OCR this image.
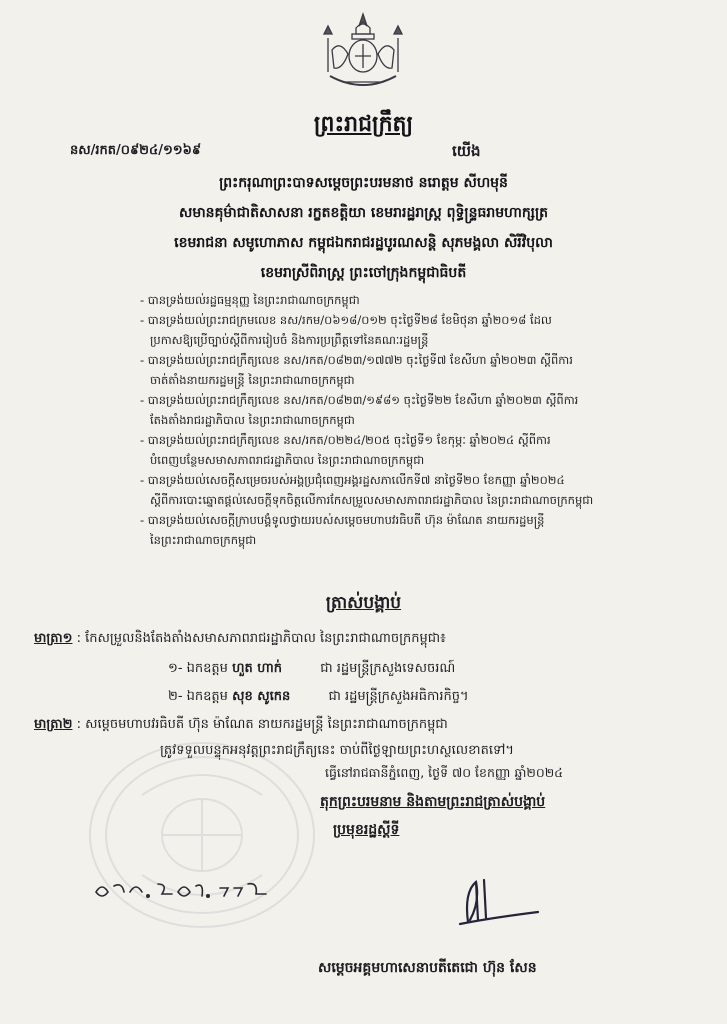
ព្រះរាជក្រឹត្យ
នស/រកត/០៩២៤/១១៦៩	យើង
ព្រះករុណាព្រះបាទសម្តេចព្រះបរមនាថ នរោត្តម សីហមុនី
សមានគុម៌ាជាតិសាសនា រក្ខតខត្តិយា ខេមរារដ្ឋរាស្ត្រ ពុទ្ធិន្រ្ទធរាមហាក្សត្រ
ខេមរាជនា សមូហោភាស កម្ពុជឯករាជរដ្ឋបូរណសន្តិ សុភមង្គលា សិរីវិបុលា
ខេមរាស្រីពិរាស្ត្រ ព្រះចៅក្រុងកម្ពុជាធិបតី
- បានទ្រង់យល់រដ្ឋធម្មនុញ្ញ នៃព្រះរាជាណាចក្រកម្ពុជា
- បានទ្រង់យល់ព្រះរាជក្រមលេខ នស/រកម/០៦១៨/០១២ ចុះថ្ងៃទី២៨ ខែមិថុនា ឆ្នាំ២០១៨ ដែល
ប្រកាសឱ្យប្រើច្បាប់ស្តីពីការរៀបចំ និងការប្រព្រឹត្តទៅនៃគណៈរដ្ឋមន្ត្រី
- បានទ្រង់យល់ព្រះរាជក្រឹត្យលេខ នស/រកត/០៨២៣/១៧៧២ ចុះថ្ងៃទី៧ ខែសីហា ឆ្នាំ២០២៣ ស្តីពីការ
ចាត់តាំងនាយករដ្ឋមន្ត្រី នៃព្រះរាជាណាចក្រកម្ពុជា
- បានទ្រង់យល់ព្រះរាជក្រឹត្យលេខ នស/រកត/០៨២៣/១៩៨១ ចុះថ្ងៃទី២២ ខែសីហា ឆ្នាំ២០២៣ ស្តីពីការ
តែងតាំងរាជរដ្ឋាភិបាល នៃព្រះរាជាណាចក្រកម្ពុជា
- បានទ្រង់យល់ព្រះរាជក្រឹត្យលេខ នស/រកត/០២២៤/២០៥ ចុះថ្ងៃទី១ ខែកុម្ភៈ ឆ្នាំ២០២៤ ស្តីពីការ
បំពេញបន្ថែមសមាសភាពរាជរដ្ឋាភិបាល នៃព្រះរាជាណាចក្រកម្ពុជា
- បានទ្រង់យល់សេចក្តីសម្រេចរបស់អង្គប្រជុំពេញអង្គរដ្ឋសភាលើកទី៧ នាថ្ងៃទី២០ ខែកញ្ញា ឆ្នាំ២០២៤
ស្តីពីការបោះឆ្នោតផ្តល់សេចក្តីទុកចិត្តលើការកែសម្រួលសមាសភាពរាជរដ្ឋាភិបាល នៃព្រះរាជាណាចក្រកម្ពុជា
- បានទ្រង់យល់សេចក្តីក្រាបបង្គំទូលថ្វាយរបស់សម្តេចមហាបវរធិបតី ហ៊ុន ម៉ាណែត នាយករដ្ឋមន្ត្រី
នៃព្រះរាជាណាចក្រកម្ពុជា
ត្រាស់បង្គាប់
មាត្រា១ : កែសម្រួលនិងតែងតាំងសមាសភាពរាជរដ្ឋាភិបាល នៃព្រះរាជាណាចក្រកម្ពុជា៖
១- ឯកឧត្តម ហួត ហាក់	ជា រដ្ឋមន្ត្រីក្រសួងទេសចរណ៍
២- ឯកឧត្តម សុខ សូកេន	ជា រដ្ឋមន្ត្រីក្រសួងអធិការកិច្ច។
មាត្រា២ : សម្តេចមហាបវរធិបតី ហ៊ុន ម៉ាណែត នាយករដ្ឋមន្ត្រី នៃព្រះរាជាណាចក្រកម្ពុជា
ត្រូវទទួលបន្ទុកអនុវត្តព្រះរាជក្រឹត្យនេះ ចាប់ពីថ្ងៃឡាយព្រះហស្ថលេខាតទៅ។
ធ្វើនៅរាជធានីភ្នំពេញ, ថ្ងៃទី ៧០ ខែកញ្ញា ឆ្នាំ២០២៤
តុកព្រះបរមនាម និងតាមព្រះរាជត្រាស់បង្គាប់
ប្រមុខរដ្ឋស្តីទី
សម្តេចអគ្គមហាសេនាបតីតេជោ ហ៊ុន សែន
